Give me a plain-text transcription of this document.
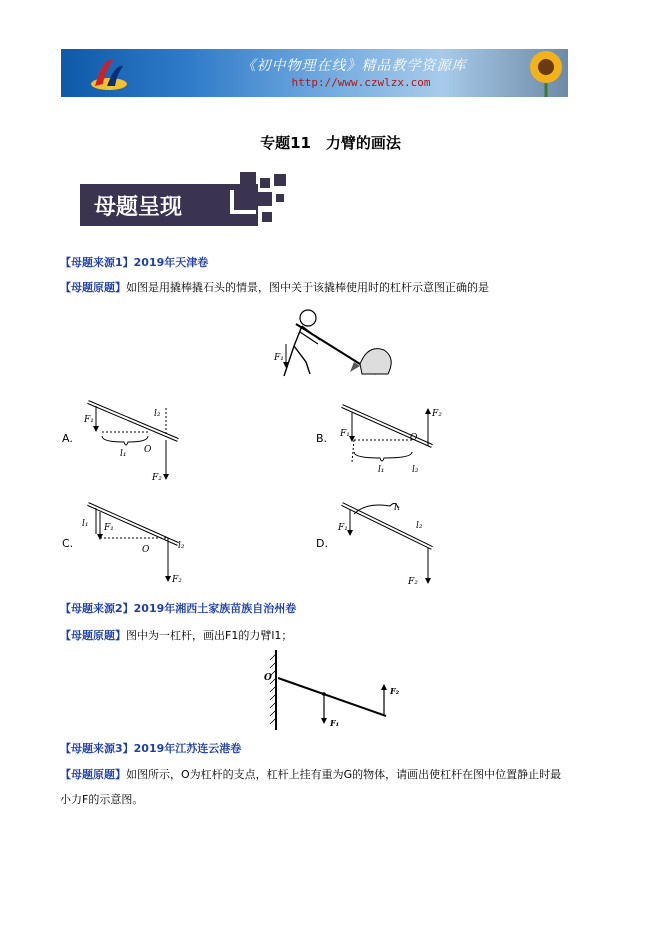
《初中物理在线》精品教学资源库
http://www.czwlzx.com
专题11　力臂的画法
母题呈现
【母题来源1】2019年天津卷
【母题原题】如图是用撬棒撬石头的情景，图中关于该撬棒使用时的杠杆示意图正确的是
F₁
A.
F₁
l₁ O
l₂
F₂
B. F₁
l₁
O
F₂
l₂
C.
l₁ F₁
O
F₂
l₂	D.
F₁
l₁
l₂
F₂
【母题来源2】2019年湘西土家族苗族自治州卷
【母题原题】图中为一杠杆，画出F1的力臂l1；
O
F₁
F₂
【母题来源3】2019年江苏连云港卷
【母题原题】如图所示，O为杠杆的支点，杠杆上挂有重为G的物体，请画出使杠杆在图中位置静止时最
小力F的示意图。
